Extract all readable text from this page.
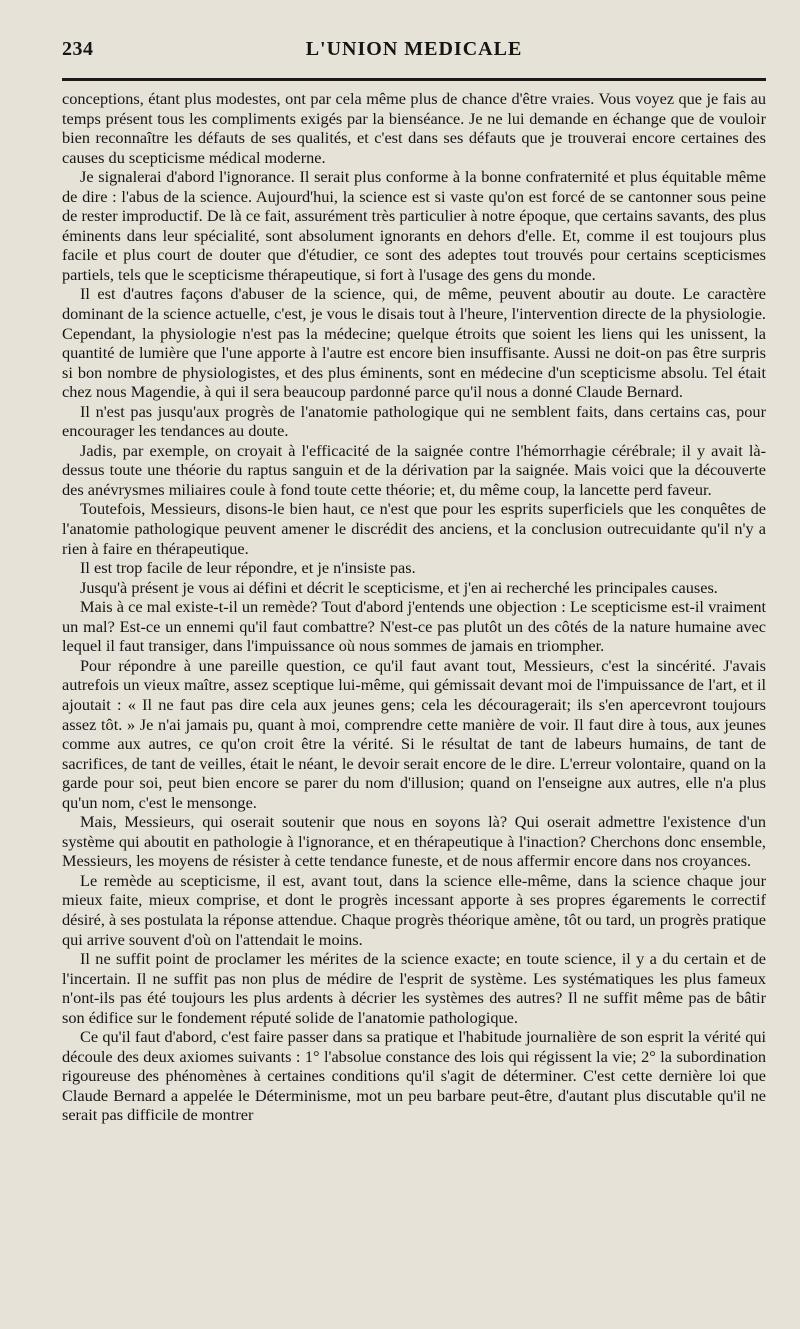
234	L'UNION MEDICALE

conceptions, étant plus modestes, ont par cela même plus de chance d'être vraies. Vous voyez que je fais au temps présent tous les compliments exigés par la bienséance. Je ne lui demande en échange que de vouloir bien reconnaître les défauts de ses qualités, et c'est dans ses défauts que je trouverai encore certaines des causes du scepticisme médical moderne.

Je signalerai d'abord l'ignorance. Il serait plus conforme à la bonne confraternité et plus équitable même de dire : l'abus de la science. Aujourd'hui, la science est si vaste qu'on est forcé de se cantonner sous peine de rester improductif. De là ce fait, assurément très particulier à notre époque, que certains savants, des plus éminents dans leur spécialité, sont absolument ignorants en dehors d'elle. Et, comme il est toujours plus facile et plus court de douter que d'étudier, ce sont des adeptes tout trouvés pour certains scepticismes partiels, tels que le scepticisme thérapeutique, si fort à l'usage des gens du monde.

Il est d'autres façons d'abuser de la science, qui, de même, peuvent aboutir au doute. Le caractère dominant de la science actuelle, c'est, je vous le disais tout à l'heure, l'intervention directe de la physiologie. Cependant, la physiologie n'est pas la médecine; quelque étroits que soient les liens qui les unissent, la quantité de lumière que l'une apporte à l'autre est encore bien insuffisante. Aussi ne doit-on pas être surpris si bon nombre de physiologistes, et des plus éminents, sont en médecine d'un scepticisme absolu. Tel était chez nous Magendie, à qui il sera beaucoup pardonné parce qu'il nous a donné Claude Bernard.

Il n'est pas jusqu'aux progrès de l'anatomie pathologique qui ne semblent faits, dans certains cas, pour encourager les tendances au doute.

Jadis, par exemple, on croyait à l'efficacité de la saignée contre l'hémorrhagie cérébrale; il y avait là-dessus toute une théorie du raptus sanguin et de la dérivation par la saignée. Mais voici que la découverte des anévrysmes miliaires coule à fond toute cette théorie; et, du même coup, la lancette perd faveur.

Toutefois, Messieurs, disons-le bien haut, ce n'est que pour les esprits superficiels que les conquêtes de l'anatomie pathologique peuvent amener le discrédit des anciens, et la conclusion outrecuidante qu'il n'y a rien à faire en thérapeutique.

Il est trop facile de leur répondre, et je n'insiste pas.

Jusqu'à présent je vous ai défini et décrit le scepticisme, et j'en ai recherché les principales causes.

Mais à ce mal existe-t-il un remède? Tout d'abord j'entends une objection : Le scepticisme est-il vraiment un mal? Est-ce un ennemi qu'il faut combattre? N'est-ce pas plutôt un des côtés de la nature humaine avec lequel il faut transiger, dans l'impuissance où nous sommes de jamais en triompher.

Pour répondre à une pareille question, ce qu'il faut avant tout, Messieurs, c'est la sincérité. J'avais autrefois un vieux maître, assez sceptique lui-même, qui gémissait devant moi de l'impuissance de l'art, et il ajoutait : « Il ne faut pas dire cela aux jeunes gens; cela les découragerait; ils s'en apercevront toujours assez tôt. » Je n'ai jamais pu, quant à moi, comprendre cette manière de voir. Il faut dire à tous, aux jeunes comme aux autres, ce qu'on croit être la vérité. Si le résultat de tant de labeurs humains, de tant de sacrifices, de tant de veilles, était le néant, le devoir serait encore de le dire. L'erreur volontaire, quand on la garde pour soi, peut bien encore se parer du nom d'illusion; quand on l'enseigne aux autres, elle n'a plus qu'un nom, c'est le mensonge.

Mais, Messieurs, qui oserait soutenir que nous en soyons là? Qui oserait admettre l'existence d'un système qui aboutit en pathologie à l'ignorance, et en thérapeutique à l'inaction? Cherchons donc ensemble, Messieurs, les moyens de résister à cette tendance funeste, et de nous affermir encore dans nos croyances.

Le remède au scepticisme, il est, avant tout, dans la science elle-même, dans la science chaque jour mieux faite, mieux comprise, et dont le progrès incessant apporte à ses propres égarements le correctif désiré, à ses postulata la réponse attendue. Chaque progrès théorique amène, tôt ou tard, un progrès pratique qui arrive souvent d'où on l'attendait le moins.

Il ne suffit point de proclamer les mérites de la science exacte; en toute science, il y a du certain et de l'incertain. Il ne suffit pas non plus de médire de l'esprit de système. Les systématiques les plus fameux n'ont-ils pas été toujours les plus ardents à décrier les systèmes des autres? Il ne suffit même pas de bâtir son édifice sur le fondement réputé solide de l'anatomie pathologique.

Ce qu'il faut d'abord, c'est faire passer dans sa pratique et l'habitude journalière de son esprit la vérité qui découle des deux axiomes suivants : 1° l'absolue constance des lois qui régissent la vie; 2° la subordination rigoureuse des phénomènes à certaines conditions qu'il s'agit de déterminer. C'est cette dernière loi que Claude Bernard a appelée le Déterminisme, mot un peu barbare peut-être, d'autant plus discutable qu'il ne serait pas difficile de montrer
